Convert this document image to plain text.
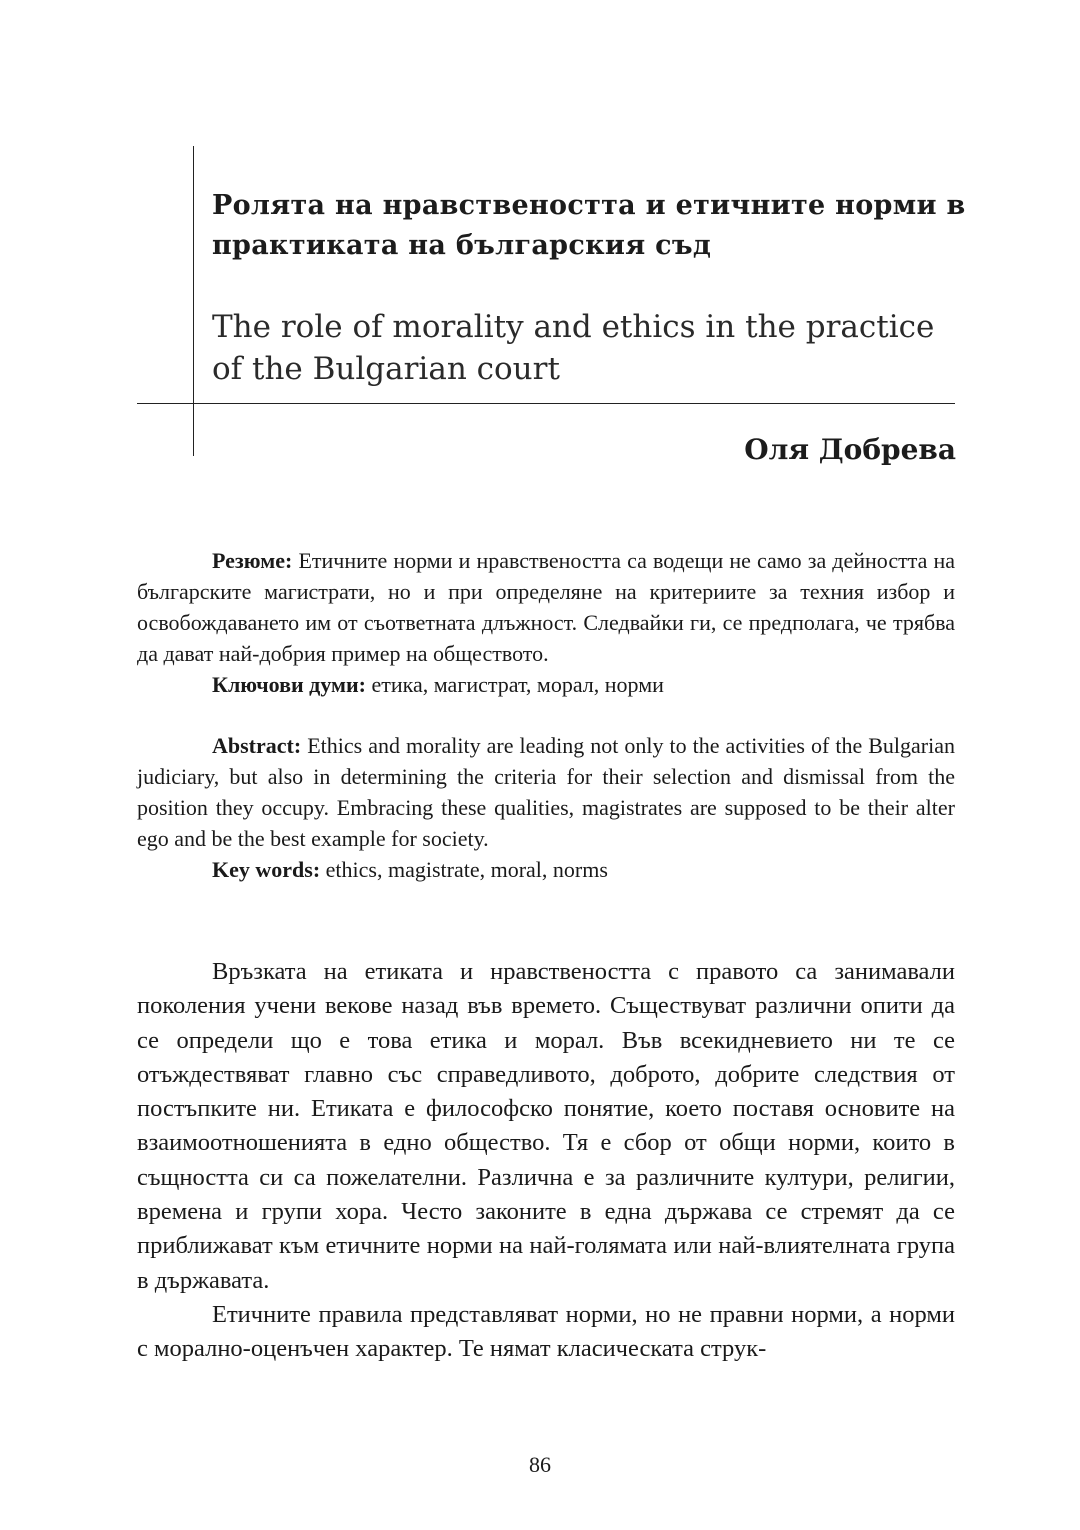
Ролята на нравствеността и етичните норми в практиката на българския съд
The role of morality and ethics in the practice of the Bulgarian court
Оля Добрева

Резюме: Етичните норми и нравствеността са водещи не само за дейността на българските магистрати, но и при определяне на критериите за техния избор и освобождаването им от съответната длъжност. Следвайки ги, се предполага, че трябва да дават най-добрия пример на обществото.

Ключови думи: етика, магистрат, морал, норми

Abstract: Ethics and morality are leading not only to the activities of the Bulgarian judiciary, but also in determining the criteria for their selection and dismissal from the position they occupy. Embracing these qualities, magistrates are supposed to be their alter ego and be the best example for society.

Key words: ethics, magistrate, moral, norms

Връзката на етиката и нравствеността с правото са занимавали поколения учени векове назад във времето. Съществуват различни опити да се определи що е това етика и морал. Във всекидневието ни те се отъждествяват главно със справедливото, доброто, добрите следствия от постъпките ни. Етиката е философско понятие, което поставя основите на взаимоотношенията в едно общество. Тя е сбор от общи норми, които в същността си са пожелателни. Различна е за различните култури, религии, времена и групи хора. Често законите в една държава се стремят да се приближават към етичните норми на най-голямата или най-влиятелната група в държавата.

Етичните правила представляват норми, но не правни норми, а норми с морално-оценъчен характер. Те нямат класическата струк-

86
